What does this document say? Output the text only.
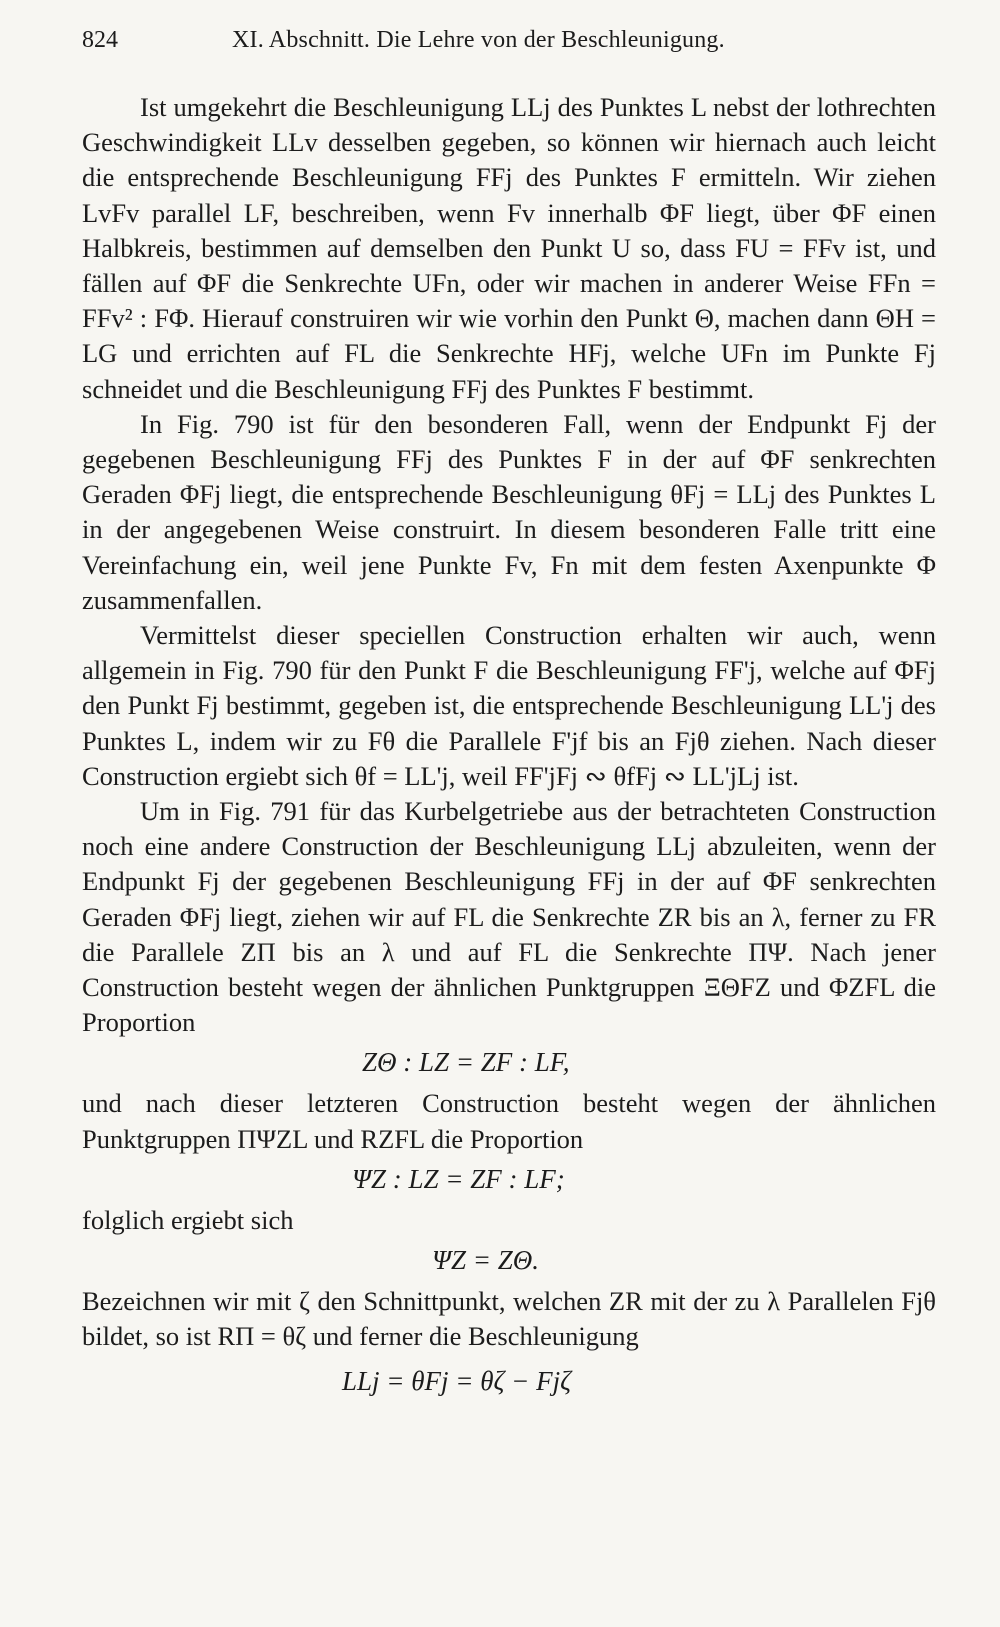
824	XI. Abschnitt. Die Lehre von der Beschleunigung.

Ist umgekehrt die Beschleunigung LLj des Punktes L nebst der lothrechten Geschwindigkeit LLv desselben gegeben, so können wir hiernach auch leicht die entsprechende Beschleunigung FFj des Punktes F ermitteln. Wir ziehen LvFv parallel LF, beschreiben, wenn Fv innerhalb ΦF liegt, über ΦF einen Halbkreis, bestimmen auf demselben den Punkt U so, dass FU = FFv ist, und fällen auf ΦF die Senkrechte UFn, oder wir machen in anderer Weise FFn = FFv² : FΦ. Hierauf construiren wir wie vorhin den Punkt Θ, machen dann ΘH = LG und errichten auf FL die Senkrechte HFj, welche UFn im Punkte Fj schneidet und die Beschleunigung FFj des Punktes F bestimmt.

In Fig. 790 ist für den besonderen Fall, wenn der Endpunkt Fj der gegebenen Beschleunigung FFj des Punktes F in der auf ΦF senkrechten Geraden ΦFj liegt, die entsprechende Beschleunigung θFj = LLj des Punktes L in der angegebenen Weise construirt. In diesem besonderen Falle tritt eine Vereinfachung ein, weil jene Punkte Fv, Fn mit dem festen Axenpunkte Φ zusammenfallen.

Vermittelst dieser speciellen Construction erhalten wir auch, wenn allgemein in Fig. 790 für den Punkt F die Beschleunigung FF'j, welche auf ΦFj den Punkt Fj bestimmt, gegeben ist, die entsprechende Beschleunigung LL'j des Punktes L, indem wir zu Fθ die Parallele F'jf bis an Fjθ ziehen. Nach dieser Construction ergiebt sich θf = LL'j, weil FF'jFj ∾ θfFj ∾ LL'jLj ist.

Um in Fig. 791 für das Kurbelgetriebe aus der betrachteten Construction noch eine andere Construction der Beschleunigung LLj abzuleiten, wenn der Endpunkt Fj der gegebenen Beschleunigung FFj in der auf ΦF senkrechten Geraden ΦFj liegt, ziehen wir auf FL die Senkrechte ZR bis an λ, ferner zu FR die Parallele ZΠ bis an λ und auf FL die Senkrechte ΠΨ. Nach jener Construction besteht wegen der ähnlichen Punktgruppen ΞΘFZ und ΦZFL die Proportion

ZΘ : LZ = ZF : LF,

und nach dieser letzteren Construction besteht wegen der ähnlichen Punktgruppen ΠΨZL und RZFL die Proportion

ΨZ : LZ = ZF : LF;

folglich ergiebt sich

ΨZ = ZΘ.

Bezeichnen wir mit ζ den Schnittpunkt, welchen ZR mit der zu λ Parallelen Fjθ bildet, so ist RΠ = θζ und ferner die Beschleunigung

LLj = θFj = θζ − Fjζ
